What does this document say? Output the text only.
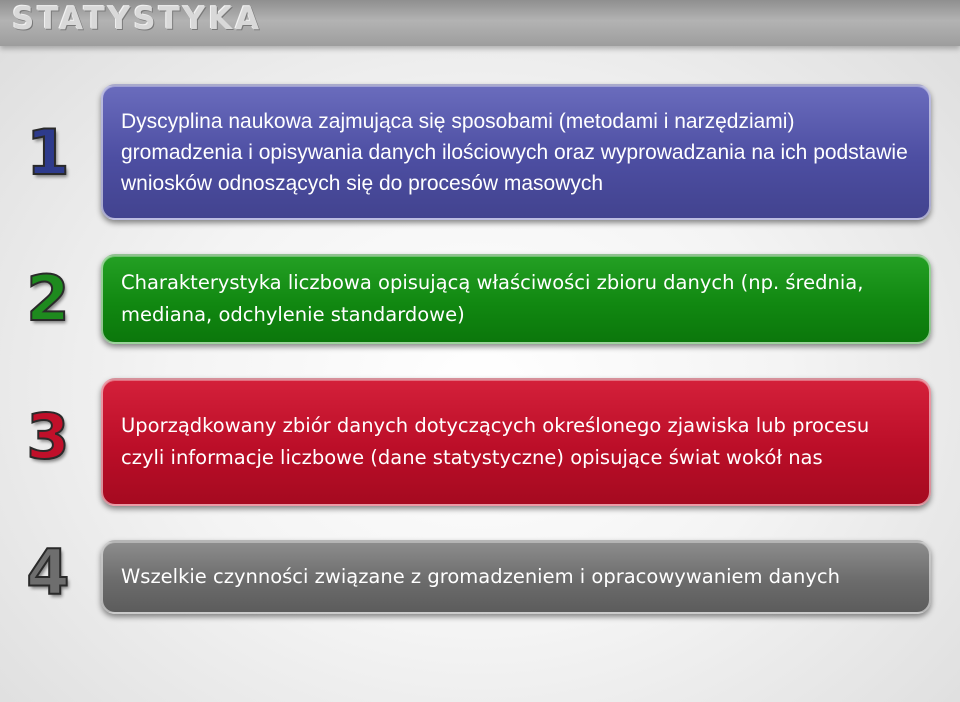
STATYSTYKA
1	Dyscyplina naukowa zajmująca się sposobami (metodami i narzędziami) gromadzenia i opisywania danych ilościowych oraz wyprowadzania na ich podstawie wniosków odnoszących się do procesów masowych
2	Charakterystyka liczbowa opisującą właściwości zbioru danych (np. średnia, mediana, odchylenie standardowe)
3	Uporządkowany zbiór danych dotyczących określonego zjawiska lub procesu czyli informacje liczbowe (dane statystyczne) opisujące świat wokół nas
4	Wszelkie czynności związane z gromadzeniem i opracowywaniem danych
